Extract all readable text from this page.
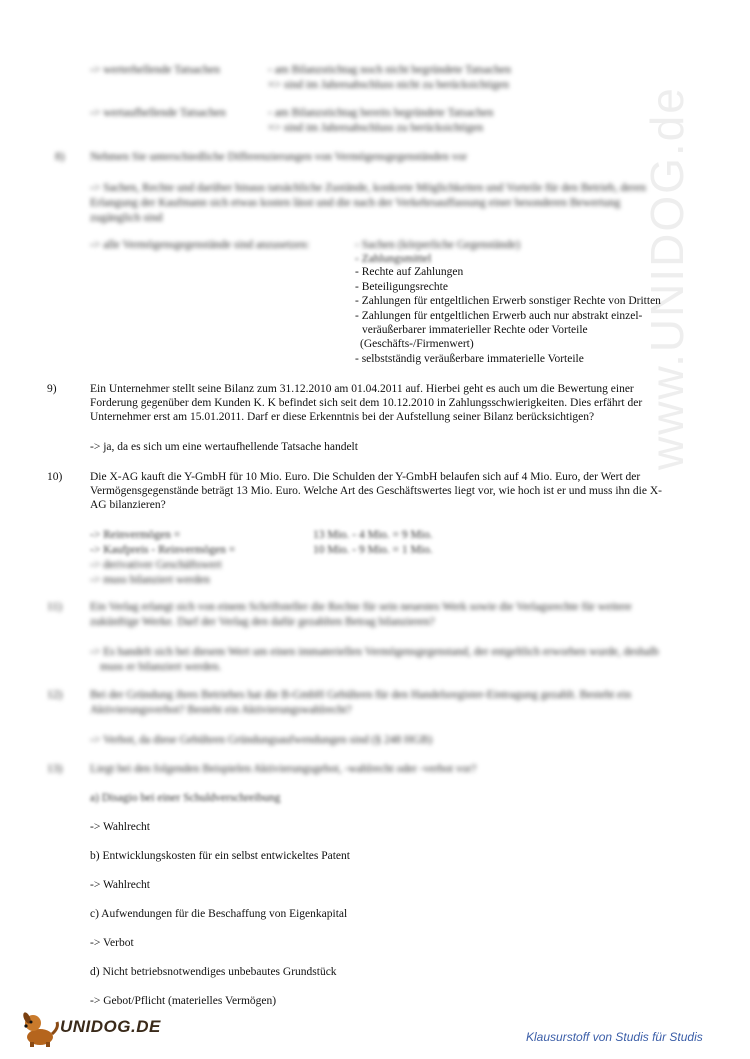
www.UNIDOG.de
-> werterhellende Tatsachen	- am Bilanzstichtag noch nicht begründete Tatsachen
=> sind im Jahresabschluss nicht zu berücksichtigen
-> wertaufhellende Tatsachen	- am Bilanzstichtag bereits begründete Tatsachen
=> sind im Jahresabschluss zu berücksichtigen
8) Nehmen Sie unterschiedliche Differenzierungen von Vermögensgegenständen vor
-> Sachen, Rechte und darüber hinaus tatsächliche Zustände, konkrete Möglichkeiten und Vorteile für den Betrieb, deren
Erlangung der Kaufmann sich etwas kosten lässt und die nach der Verkehrsauffassung einer besonderen Bewertung
zugänglich sind
-> alle Vermögensgegenstände sind anzusetzen:	- Sachen (körperliche Gegenstände)
- Zahlungsmittel
- Rechte auf Zahlungen
- Beteiligungsrechte
- Zahlungen für entgeltlichen Erwerb sonstiger Rechte von Dritten
- Zahlungen für entgeltlichen Erwerb auch nur abstrakt einzel-
veräußerbarer immaterieller Rechte oder Vorteile
(Geschäfts-/Firmenwert)
- selbstständig veräußerbare immaterielle Vorteile
9)	Ein Unternehmer stellt seine Bilanz zum 31.12.2010 am 01.04.2011 auf. Hierbei geht es auch um die Bewertung einer
Forderung gegenüber dem Kunden K. K befindet sich seit dem 10.12.2010 in Zahlungsschwierigkeiten. Dies erfährt der
Unternehmer erst am 15.01.2011. Darf er diese Erkenntnis bei der Aufstellung seiner Bilanz berücksichtigen?
-> ja, da es sich um eine wertaufhellende Tatsache handelt
10) Die X-AG kauft die Y-GmbH für 10 Mio. Euro. Die Schulden der Y-GmbH belaufen sich auf 4 Mio. Euro, der Wert der
Vermögensgegenstände beträgt 13 Mio. Euro. Welche Art des Geschäftswertes liegt vor, wie hoch ist er und muss ihn die X-
AG bilanzieren?
-> Reinvermögen =	13 Mio. - 4 Mio. = 9 Mio.
-> Kaufpreis - Reinvermögen =	10 Mio. - 9 Mio. = 1 Mio.
-> derivativer Geschäftswert
-> muss bilanziert werden
11) Ein Verlag erlangt sich von einem Schriftsteller die Rechte für sein neuestes Werk sowie die Verlagsrechte für weitere
zukünftige Werke. Darf der Verlag den dafür gezahlten Betrag bilanzieren?
-> Es handelt sich bei diesem Wert um einen immateriellen Vermögensgegenstand, der entgeltlich erworben wurde, deshalb
muss er bilanziert werden.
12) Bei der Gründung ihres Betriebes hat die B-GmbH Gebühren für den Handelsregister-Eintragung gezahlt. Besteht ein
Aktivierungsverbot? Besteht ein Aktivierungswahlrecht?
-> Verbot, da diese Gebühren Gründungsaufwendungen sind (§ 248 HGB)
13) Liegt bei den folgenden Beispielen Aktivierungsgebot, -wahlrecht oder -verbot vor?
a) Disagio bei einer Schuldverschreibung
-> Wahlrecht
b) Entwicklungskosten für ein selbst entwickeltes Patent
-> Wahlrecht
c) Aufwendungen für die Beschaffung von Eigenkapital
-> Verbot
d) Nicht betriebsnotwendiges unbebautes Grundstück
-> Gebot/Pflicht (materielles Vermögen)
UNIDOG.DE
Klausurstoff von Studis für Studis
